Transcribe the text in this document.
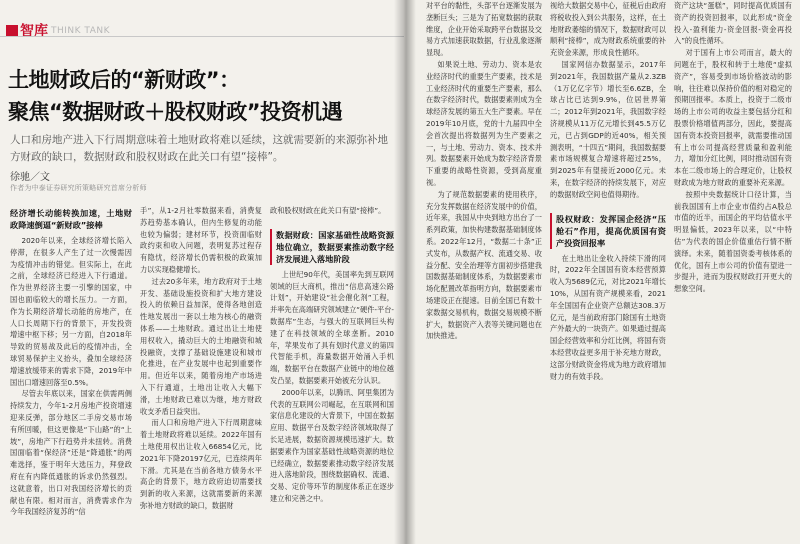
智库 THINK TANK
土地财政后的“新财政”：
聚焦“数据财政＋股权财政”投资机遇
人口和房地产进入下行周期意味着土地财政将难以延续，这就需要新的来源弥补地方财政的缺口，数据财政和股权财政在此关口有望“接棒”。
徐驰／文
作者为中泰证券研究所策略研究首席分析师
经济增长动能转换加速，土地财政降速倒逼“新财政”接棒

2020年以来，全球经济增长陷入停滞，在很多人产生了过一次慢需因为疫情冲击的错觉。但实际上，在此之前，全球经济已经进入下行通道。作为世界经济主要一引擎的国家，中国也面临较大的增长压力。一方面，作为长期经济增长动能的房地产，在人口长周期下行的背景下，开发投资增速中枢下移；另一方面，自2018年导致的贸易战及此后的疫情冲击，全球贸易保护主义抬头，叠加全球经济增速放缓带来的需求下降，2019年中国出口增速回落至0.5%。

尽管去年底以来，国家在供需两侧持续发力，今年1-2月房地产投资增速迎来反弹，部分地区二手房交易市场有所回暖，但这更像是“下山路”的“上坡”，房地产下行趋势并未扭转。消费国面临着“保经济”还是“降通胀”的两难选择，鉴于明年大选压力，拜登政府在有内降低通胀的诉求仍然强烈。这就意着，出口对我国经济增长的贡献也有限。相对而言，消费需求作为今年我国经济复苏的“信

手”，从1-2月社零数据来看，消费复苏趋势基本确认，但内生修复的动能也较为偏弱；建材环节，投资面临财政约束和收入问题，表明复苏过程存有隐忧，经济增长仍需积极的政策加力以实现稳健增长。

过去20多年来，地方政府对于土地开发、基础设施投资和扩大地方建设投入的依赖日益加深，使得各地创造性地发展出一套以土地为核心的融资体系——土地财政。通过出让土地使用权收入，撬动巨大的土地融资和城投融资，支撑了基础设施建设和城市化推进，在产业发展中也起到重要作用。但近年以来，随着房地产市场进入下行通道，土地出让收入大幅下滑，土地财政已难以为继，地方财政收支矛盾日益突出。

而人口和房地产进入下行周期意味着土地财政将难以延续。2022年国有土地使用权出让收入66854亿元，比2021年下降20197亿元，已连续两年下滑。尤其是在当前各地方债务水平高企的背景下，地方政府迫切需要找到新的收入来源，这就需要新的来源弥补地方财政的缺口，数据财

政和股权财政在此关口有望“接棒”。

数据财政：国家基础性战略资源地位确立，数据要素推动数字经济发展进入落地阶段

上世纪90年代，美国率先到互联网领域的巨大商机，推出“信息高速公路计划”，开始建设“社会催化剂”工程，并率先在高端研究领域建立“硬件-平台-数据库”生态，与强大的互联网巨头构建了在科技领域的全球垄断。2010年，苹果发布了具有划时代意义的第四代智能手机，海量数据开始涌入手机端，数据平台在数据产业链中的地位越发凸显，数据要素开始被充分认识。

2000年以来，以腾讯、阿里集团为代表的互联网公司崛起，在互联网和国家信息化建设的大背景下，中国在数据应用、数据平台及数字经济领域取得了长足进展，数据资源规模迅速扩大。数据要素作为国家基础性战略资源的地位已经确立，数据要素推动数字经济发展进入落地阶段，围绕数据确权、流通、交易、定价等环节的制度体系正在逐步建立和完善之中。

对平台的黏性，头部平台逐渐发展为垄断巨头；三是为了拓宽数据的获取维度，企业开始采取跨平台数据及交易方式加速获取数据，行业乱象逐渐显现。

如果说土地、劳动力、资本是农业经济时代的重要生产要素，技术是工业经济时代的重要生产要素，那么在数字经济时代，数据要素则成为全球经济发展的第五大生产要素。早在2019年10月底，党的十九届四中全会首次提出将数据列为生产要素之一，与土地、劳动力、资本、技术并列。数据要素开始成为数字经济背景下重要的战略性资源，受到高度重视。

为了规范数据要素的使用秩序，充分发挥数据在经济发展中的价值，近年来，我国从中央到地方出台了一系列政策，加快构建数据基础制度体系。2022年12月，“数据二十条”正式发布，从数据产权、流通交易、收益分配、安全治理等方面初步搭建我国数据基础制度体系，为数据要素市场化配置改革指明方向，数据要素市场建设正在提速。目前全国已有数十家数据交易机构，数据交易规模不断扩大，数据资产入表等关键问题也在加快推进。

视给大数据交易中心，征税后由政府将税收投入到公共服务，这样，在土地财政萎缩的情况下，数据财政可以顺利“接棒”，成为财政系统重要的补充资金来源，形成良性循环。

国家网信办数据显示，2017年到2021年，我国数据产量从2.3ZB（1万亿亿字节）增长至6.6ZB，全球占比已达到9.9%，位居世界第二；2012年到2021年，我国数字经济规模从11万亿元增长到45.5万亿元，已占到GDP的近40%，相关预测表明，“十四五”期间，我国数据要素市场规模复合增速将超过25%，到2025年有望接近2000亿元。未来，在数字经济的持续发展下，对应的数据财政空间也值得期待。

股权财政：发挥国企经济“压舱石”作用，提高优质国有资产投资回报率

在土地出让金收入持续下滑的同时，2022年全国国有资本经营预算收入为5689亿元，对比2021年增长10%，从国有资产规模来看，2021年全国国有企业资产总额达308.3万亿元，是当前政府部门除国有土地资产外最大的一块资产。如果通过提高国企经营效率和分红比例，将国有资本经营收益更多用于补充地方财政，这部分财政资金将成为地方政府增加财力的有效手段。

资产这块“蛋糕”，同时提高优质国有资产的投资回报率，以此形成“资金投入-盈利能力-资金回报-资金再投入”的良性循环。

对于国有上市公司而言，最大的问题在于，股权和转于土地使“虚拟资产”，容易受到市场价格波动的影响，往往难以保持价值的相对稳定的预期回报率。本质上，投资于二级市场的上市公司的收益主要包括分红和股票价格增值两部分，因此，要提高国有资本投资回报率，就需要推动国有上市公司提高经营质量和盈利能力，增加分红比例，同时推动国有资本在二级市场上的合理定价，让股权财政成为地方财政的重要补充来源。

按照中央数据统计口径计算，当前我国国有上市企业市值约占A股总市值的近半，而国企的平均估值水平明显偏低，2023年以来，以“中特估”为代表的国企价值重估行情不断演绎。未来，随着国资委考核体系的优化，国有上市公司的价值有望进一步提升，进而为股权财政打开更大的想象空间。
